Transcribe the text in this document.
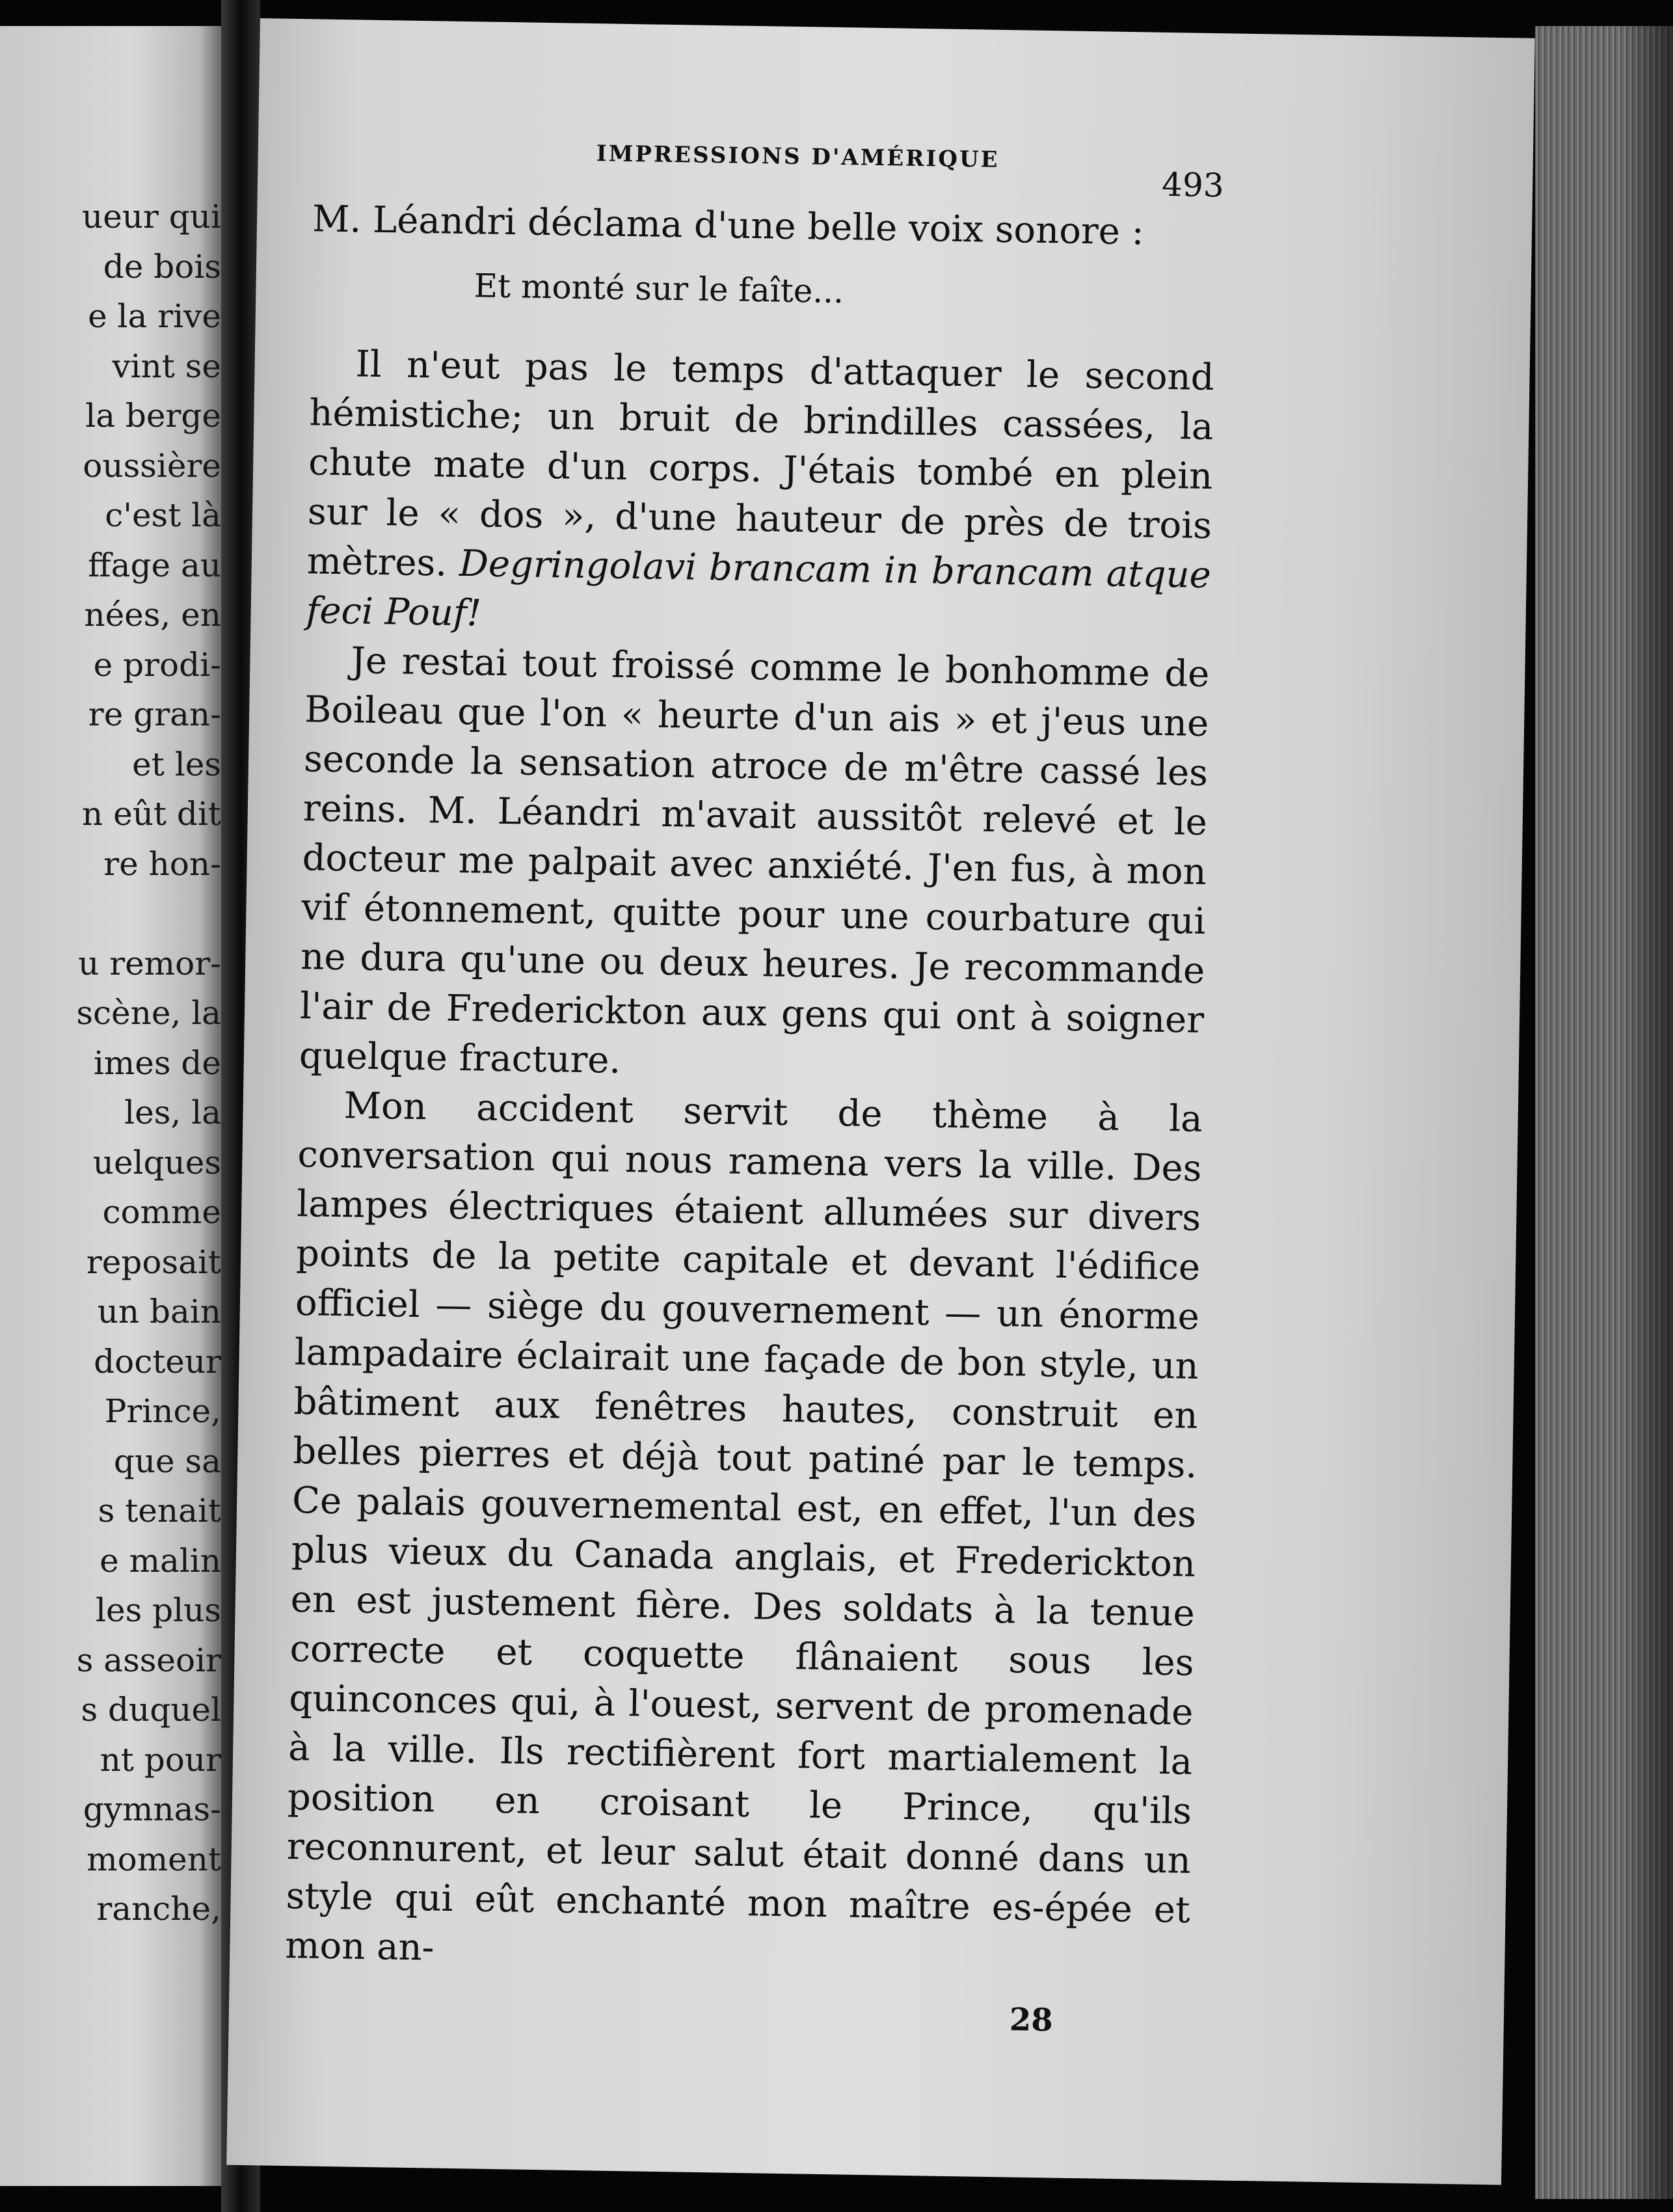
ueur qui
de bois
e la rive
vint se
la berge
oussière
c'est là
ffage au
nées, en
e prodi-
re gran-
et les
n eût dit
re hon-
u remor-
scène, la
imes de
les, la
uelques
comme
reposait
un bain
docteur
Prince,
que sa
s tenait
e malin
les plus
s asseoir
s duquel
nt pour
gymnas-
moment
ranche,
IMPRESSIONS D'AMÉRIQUE
493

M. Léandri déclama d'une belle voix sonore :

Et monté sur le faîte...

Il n'eut pas le temps d'attaquer le second hémistiche; un bruit de brindilles cassées, la chute mate d'un corps. J'étais tombé en plein sur le « dos », d'une hauteur de près de trois mètres. Degringolavi brancam in brancam atque feci Pouf!

Je restai tout froissé comme le bonhomme de Boileau que l'on « heurte d'un ais » et j'eus une seconde la sensation atroce de m'être cassé les reins. M. Léandri m'avait aussitôt relevé et le docteur me palpait avec anxiété. J'en fus, à mon vif étonnement, quitte pour une courbature qui ne dura qu'une ou deux heures. Je recommande l'air de Frederickton aux gens qui ont à soigner quelque fracture.

Mon accident servit de thème à la conversation qui nous ramena vers la ville. Des lampes électriques étaient allumées sur divers points de la petite capitale et devant l'édifice officiel — siège du gouvernement — un énorme lampadaire éclairait une façade de bon style, un bâtiment aux fenêtres hautes, construit en belles pierres et déjà tout patiné par le temps. Ce palais gouvernemental est, en effet, l'un des plus vieux du Canada anglais, et Frederickton en est justement fière. Des soldats à la tenue correcte et coquette flânaient sous les quinconces qui, à l'ouest, servent de promenade à la ville. Ils rectifièrent fort martialement la position en croisant le Prince, qu'ils reconnurent, et leur salut était donné dans un style qui eût enchanté mon maître es-épée et mon an-

28
